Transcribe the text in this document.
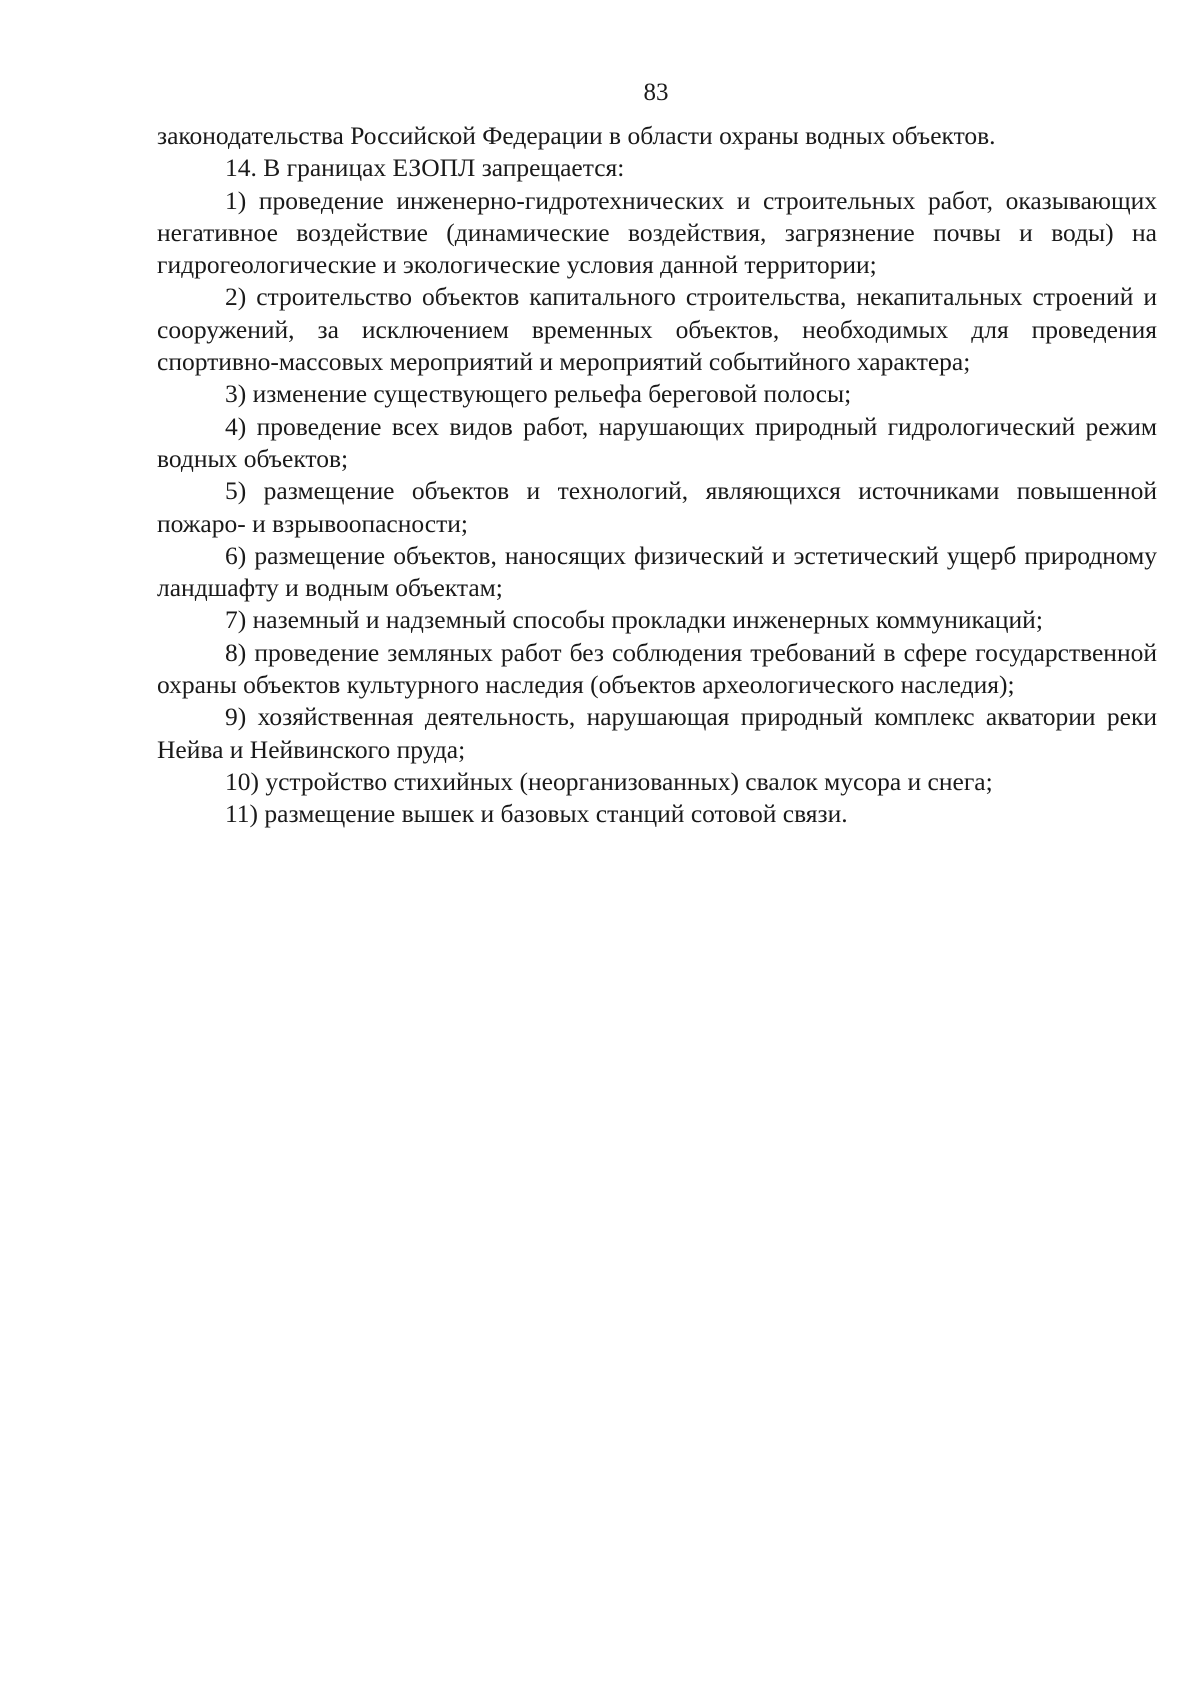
83

законодательства Российской Федерации в области охраны водных объектов.

14. В границах ЕЗОПЛ запрещается:

1) проведение инженерно-гидротехнических и строительных работ, оказывающих негативное воздействие (динамические воздействия, загрязнение почвы и воды) на гидрогеологические и экологические условия данной территории;

2) строительство объектов капитального строительства, некапитальных строений и сооружений, за исключением временных объектов, необходимых для проведения спортивно-массовых мероприятий и мероприятий событийного характера;

3) изменение существующего рельефа береговой полосы;

4) проведение всех видов работ, нарушающих природный гидрологический режим водных объектов;

5) размещение объектов и технологий, являющихся источниками повышенной пожаро- и взрывоопасности;

6) размещение объектов, наносящих физический и эстетический ущерб природному ландшафту и водным объектам;

7) наземный и надземный способы прокладки инженерных коммуникаций;

8) проведение земляных работ без соблюдения требований в сфере государственной охраны объектов культурного наследия (объектов археологического наследия);

9) хозяйственная деятельность, нарушающая природный комплекс акватории реки Нейва и Нейвинского пруда;

10) устройство стихийных (неорганизованных) свалок мусора и снега;

11) размещение вышек и базовых станций сотовой связи.
